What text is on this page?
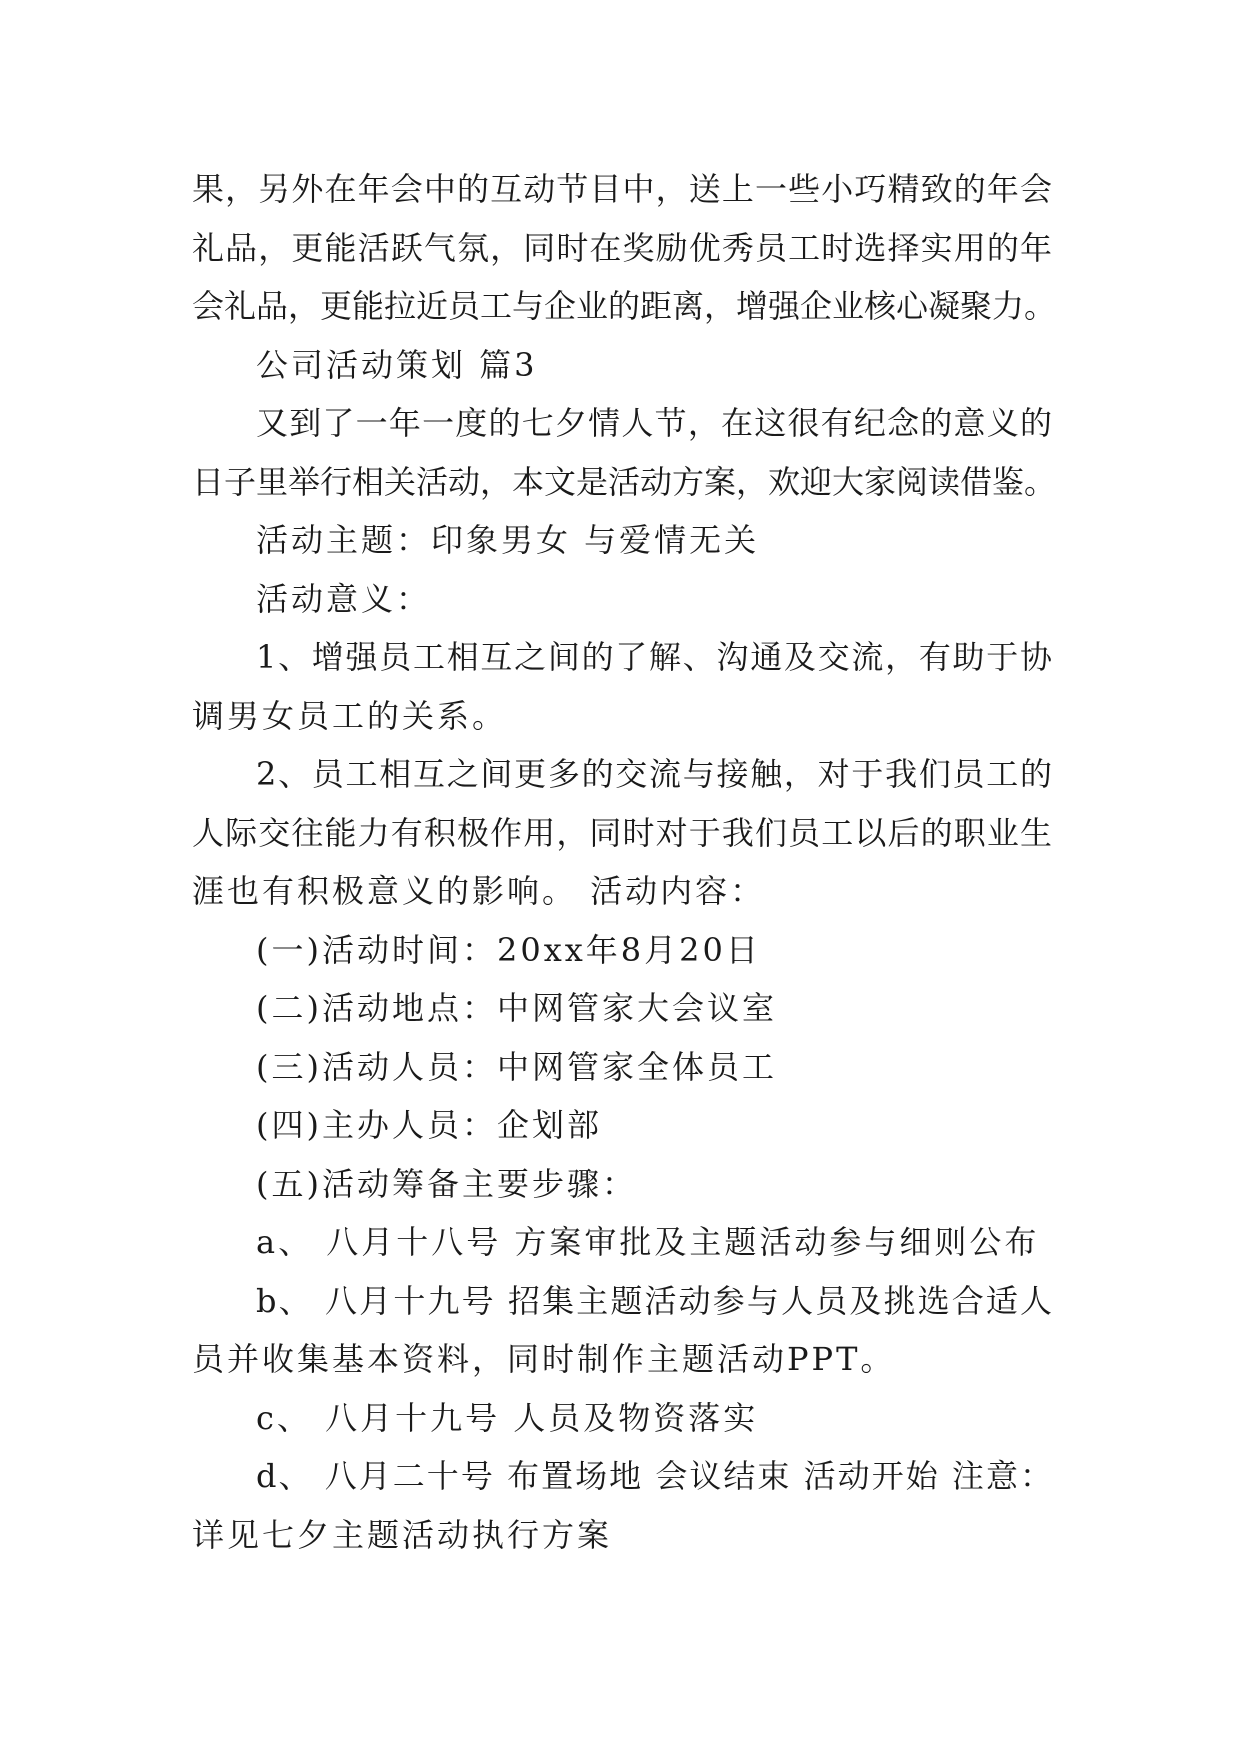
果，另外在年会中的互动节目中，送上一些小巧精致的年会
礼品，更能活跃气氛，同时在奖励优秀员工时选择实用的年
会礼品，更能拉近员工与企业的距离，增强企业核心凝聚力。
公司活动策划 篇3
又到了一年一度的七夕情人节，在这很有纪念的意义的
日子里举行相关活动，本文是活动方案，欢迎大家阅读借鉴。
活动主题：印象男女 与爱情无关
活动意义：
1、增强员工相互之间的了解、沟通及交流，有助于协
调男女员工的关系。
2、员工相互之间更多的交流与接触，对于我们员工的
人际交往能力有积极作用，同时对于我们员工以后的职业生
涯也有积极意义的影响。 活动内容：
(一)活动时间：20xx年8月20日
(二)活动地点：中网管家大会议室
(三)活动人员：中网管家全体员工
(四)主办人员：企划部
(五)活动筹备主要步骤：
a、 八月十八号 方案审批及主题活动参与细则公布
b、 八月十九号 招集主题活动参与人员及挑选合适人
员并收集基本资料，同时制作主题活动PPT。
c、 八月十九号 人员及物资落实
d、 八月二十号 布置场地 会议结束 活动开始 注意：
详见七夕主题活动执行方案
